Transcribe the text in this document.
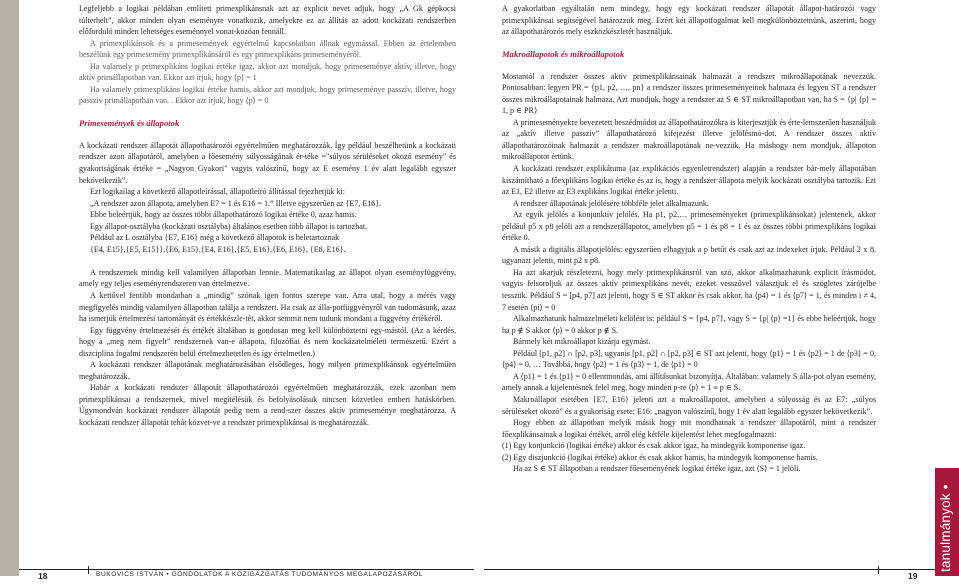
Legfeljebb a logikai példában említett primexplikánsnak azt az explicit nevet adjuk, hogy „A Gk gépkocsi túlterhelt”, akkor minden olyan eseményre vonatkozik, amelyekre ez az állítás az adott kockázati rendszerben előforduló minden lehetséges eseménnyel vonat-kozóan fennáll.

A primexplikánsok és a primesemények egyértelmű kapcsolatban állnak egymással. Ebben az értelemben beszélünk egy primesemény primexplikánsáról és egy primexplikáns primeseményéről.

Ha valamely p primexplikáns logikai értéke igaz, akkor azt mondjuk, hogy primeseménye aktív, illetve, hogy aktív primállapotban van. Ekkor azt írjuk, hogy ⟨p⟩ = 1

Ha valamely primexplikáns logikai értéke hamis, akkor azt mondjuk, hogy primeseménye passzív, illetve, hogy passzív primállapotban van. . Ekkor azt írjuk, hogy ⟨p⟩ = 0

Primesemények és állapotok

A kockázati rendszer állapotát állapothatározói egyértelműen meghatározzák. Így például beszélhetünk a kockázati rendszer azon állapotáról, amelyben a főesemény súlyosságának ér-téke ="súlyos sérüléseket okozó esemény" és gyakoriságának értéke = „Nagyon Gyakori" vagyis valószínű, hogy az E esemény 1 év alatt legalább egyszer bekövetkezik".

Ezt logikailag a következő állapotleírással, állapotleíró állítással fejezhetjük ki:

„A rendszer azon állapota, amelyben E7 = 1 és E16 = 1.” Illetve egyszerűen az {E7, E16}.

Ebbe beleértjük, hogy az összes többi állapothatározó logikai értéke 0, azaz hamis.

Egy állapot-osztályba (kockázati osztályba) általános esetben több állapot is tartozhat.

Például az L osztályba {E7, E16} még a következő állapotok is beletartoznak

{E4, E15},{E5, E15}},{E6, E15},{E4, E16},{E5, E16},{E6, E16}, {E8, E16}.

A rendszernek mindig kell valamilyen állapotban lennie. Matematikailag az állapot olyan eseményfüggvény, amely egy teljes eseményrendszeren van értelmezve.

A kettővel fentibb mondatban a „mindig” szónak igen fontos szerepe van. Arra utal, hogy a mérés vagy megfigyelés mindig valamilyen állapotban találja a rendszert. Ha csak az álla-potfüggvényről van tudomásunk, azaz ha ismerjük értelmezési tartományát és értékkészle-tét, akkor semmit nem tudunk mondani a függvény értékéről.

Egy függvény értelmezését és értékét általában is gondosan meg kell különböztetni egy-mástól. (Az a kérdés, hogy a „meg nem figyelt” rendszernek van-e állapota, filozófiai és nem kockázatelméleti természetű. Ezért a diszciplína fogalmi rendszerén belül értelmezhetetlen és így értelmetlen.)

A kockázati rendszer állapotának meghatározásában elsődleges, hogy milyen primexplikánsok egyértelműen meghatározzák.

Habár a kockázati rendszer állapotát állapothatározói egyértelműen meghatározzák, ezek azonban nem primexplikánsai a rendszernek, mivel megítélésük és befolyásolásuk nincsen közvetlen emberi hatáskörben. Úgymondván kockázati rendszer állapotát pedig nem a rend-szer összes aktív primeseménye meghatározza. A kockázati rendszer állapotát tehát közvet-ve a rendszer primexplikánsai is meghatározzák.

A gyakorlatban egyáltalán nem mindegy, hogy egy kockázati rendszer állapotát állapot-határozói vagy primexplikánsai segítségével határozzuk meg. Ezért két állapotfogalmat kell megkülönböztetnünk, aszerint, hogy az állapothatározós mely eszközkészletét használjuk.

Makroállapotok és mikroállapotok

Mostantól a rendszer összes aktív primexplikánsainak halmazát a rendszer mikroállapotának nevezzük. Pontosabban: legyen PR = {p1, p2, …, pn} a rendszer összes primeseményeinek halmaza és legyen ST a rendszer összes mikroállapotainak halmaza. Azt mondjuk, hogy a rendszer az S ∈ ST mikroállapotban van, ha S = {p| ⟨p⟩ = 1, p ∈ PR}

A primeseményekre bevezetett beszédmódot az állapothatározókra is kiterjesztjük és érte-lemszerűen használjuk az „aktív illetve passzív” állapothatározó kifejezést illetve jelölésmó-dot. A rendszer összes aktív állapothatározóinak halmazát a rendszer makroállapotának ne-vezzük. Ha máshogy nem mondjuk, állapoton mikroállapotot értünk.

A kockázati rendszer explikátuma (az explikációs egyenletrendszer) alapján a rendszer bár-mely állapotában kiszámítható a főexplikáns logikai értéke és az is, hogy a rendszer állapota melyik kockázati osztályba tartozik. Ezt az E1, E2 illetve az E3 explikáns logikai értéke jelenti.

A rendszer állapotának jelölésére többféle jelet alkalmazunk.

Az egyik jelölés a konjunktív jelölés. Ha p1, p2,… primeseményeket (primexplikánsokat) jelentenek, akkor például p5 x p8 jelöli azt a rendszerállapotot, amelyben p5 = 1 és p8 = 1 és az összes többi primexplikáns logikai értéke 0.

A másik a digitális állapotjelölés: egyszerűen elhagyjuk a p betűt és csak azt az indexeket írjuk. Például 2 x 8. ugyanazt jelenti, mint p2 x p8.

Ha azt akarjuk részletezni, hogy mely primexplikánsról van szó, akkor alkalmazhatunk explicit írásmódot, vagyis felsoroljuk az összes aktív primexplikáns nevét, ezeket vesszővel választjuk el és szögletes zárójelbe tesszük. Például S = [p4, p7] azt jelenti, hogy S ∈ ST akkor és csak akkor, ha ⟨p4⟩ = 1 és ⟨p7⟩ = 1, és minden i ≠ 4, 7 esetén ⟨pi⟩ = 0

Alkalmazhatunk halmazelméleti kelölést is: például S = {p4, p7}, vagy S = {p| ⟨p⟩ =1} és ebbe beleértjük, hogy ha p ∉ S akkor ⟨p⟩ = 0 akkor p ∉ S.

Bármely két mikroállapot kizárja egymást.

Például [p1, p2] ∩ [p2, p3], ugyanis [p1, p2] ∩ [p2, p3] ∈ ST azt jelenti, hogy ⟨p1⟩ = 1 és ⟨p2⟩ = 1 de ⟨p3⟩ = 0, ⟨p4⟩ = 0, … Továbbá, hogy ⟨p2⟩ = 1 és ⟨p3⟩ = 1, de ⟨p1⟩ = 0

A ⟨p1⟩ = 1 és ⟨p1⟩ = 0 ellentmondás, ami állításunkat bizonyítja. Általában: valamely S álla-pot olyan esemény, amely annak a kijelentésnek felel meg, hogy minden p-re ⟨p⟩ = 1 ≡ p ∈ S.

Makroállapot esetében {E7, E16} jelenti azt a makroállapotot, amelyben a súlyosság és az E7: „súlyos sérüléseket okozó” és a gyakoriság esete: E16: „nagyon valószínű, hogy 1 év alatt legalább egyszer bekövetkezik”.

Hogy ebben az állapotban melyik másik hogy mit mondhatnak a rendszer állapotáról, mint a rendszer főexplikánsainak a logikai értékét, arról elég kétféle kijelentést lehet megfogalmazni:

(1) Egy konjunkció (logikai értéke) akkor és csak akkor igaz, ha mindegyik komponense igaz.

(2) Egy diszjunkció (logikai értéke) akkor és csak akkor hamis, ha mindegyik komponense hamis.

Ha az S ∈ ST állapotban a rendszer főeseményének logikai értéke igaz, azt ⟨S⟩ = 1 jelöli.

tanulmányok •
18	BUKOVICS ISTVÁN • GONDOLATOK A KÖZIGAZGATÁS TUDOMÁNYOS MEGALAPOZÁSÁRÓL	19
